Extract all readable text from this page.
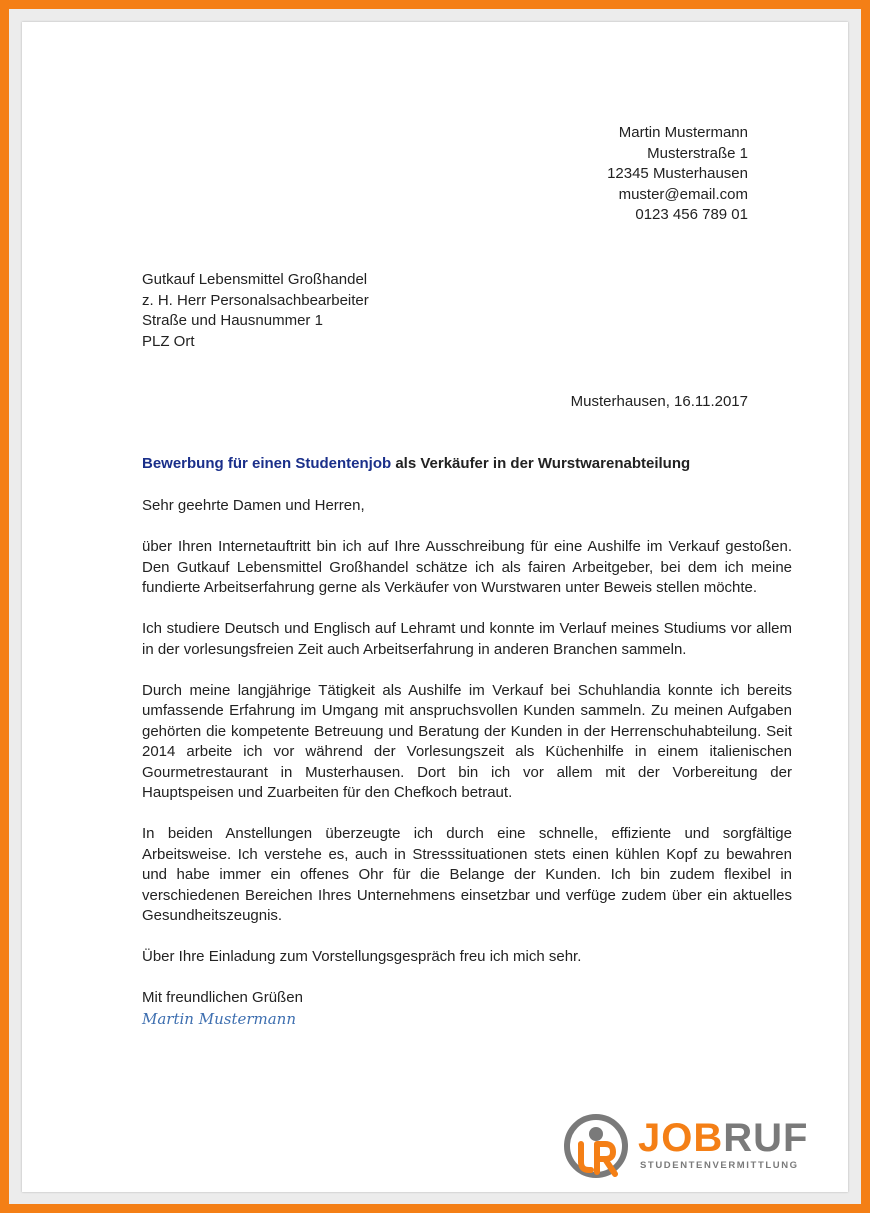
Martin Mustermann
Musterstraße 1
12345 Musterhausen
muster@email.com
0123 456 789 01
Gutkauf Lebensmittel Großhandel
z. H. Herr Personalsachbearbeiter
Straße und Hausnummer 1
PLZ Ort
Musterhausen, 16.11.2017
Bewerbung für einen Studentenjob als Verkäufer in der Wurstwarenabteilung

Sehr geehrte Damen und Herren,

über Ihren Internetauftritt bin ich auf Ihre Ausschreibung für eine Aushilfe im Verkauf gestoßen. Den Gutkauf Lebensmittel Großhandel schätze ich als fairen Arbeitgeber, bei dem ich meine fundierte Arbeitserfahrung gerne als Verkäufer von Wurstwaren unter Beweis stellen möchte.

Ich studiere Deutsch und Englisch auf Lehramt und konnte im Verlauf meines Studiums vor allem in der vorlesungsfreien Zeit auch Arbeitserfahrung in anderen Branchen sammeln.

Durch meine langjährige Tätigkeit als Aushilfe im Verkauf bei Schuhlandia konnte ich bereits umfassende Erfahrung im Umgang mit anspruchsvollen Kunden sammeln. Zu meinen Aufgaben gehörten die kompetente Betreuung und Beratung der Kunden in der Herrenschuhabteilung. Seit 2014 arbeite ich vor während der Vorlesungszeit als Küchenhilfe in einem italienischen Gourmetrestaurant in Musterhausen. Dort bin ich vor allem mit der Vorbereitung der Hauptspeisen und Zuarbeiten für den Chefkoch betraut.

In beiden Anstellungen überzeugte ich durch eine schnelle, effiziente und sorgfältige Arbeitsweise. Ich verstehe es, auch in Stresssituationen stets einen kühlen Kopf zu bewahren und habe immer ein offenes Ohr für die Belange der Kunden. Ich bin zudem flexibel in verschiedenen Bereichen Ihres Unternehmens einsetzbar und verfüge zudem über ein aktuelles Gesundheitszeugnis.

Über Ihre Einladung zum Vorstellungsgespräch freu ich mich sehr.

Mit freundlichen Grüßen
Martin Mustermann
JOBRUF
STUDENTENVERMITTLUNG
